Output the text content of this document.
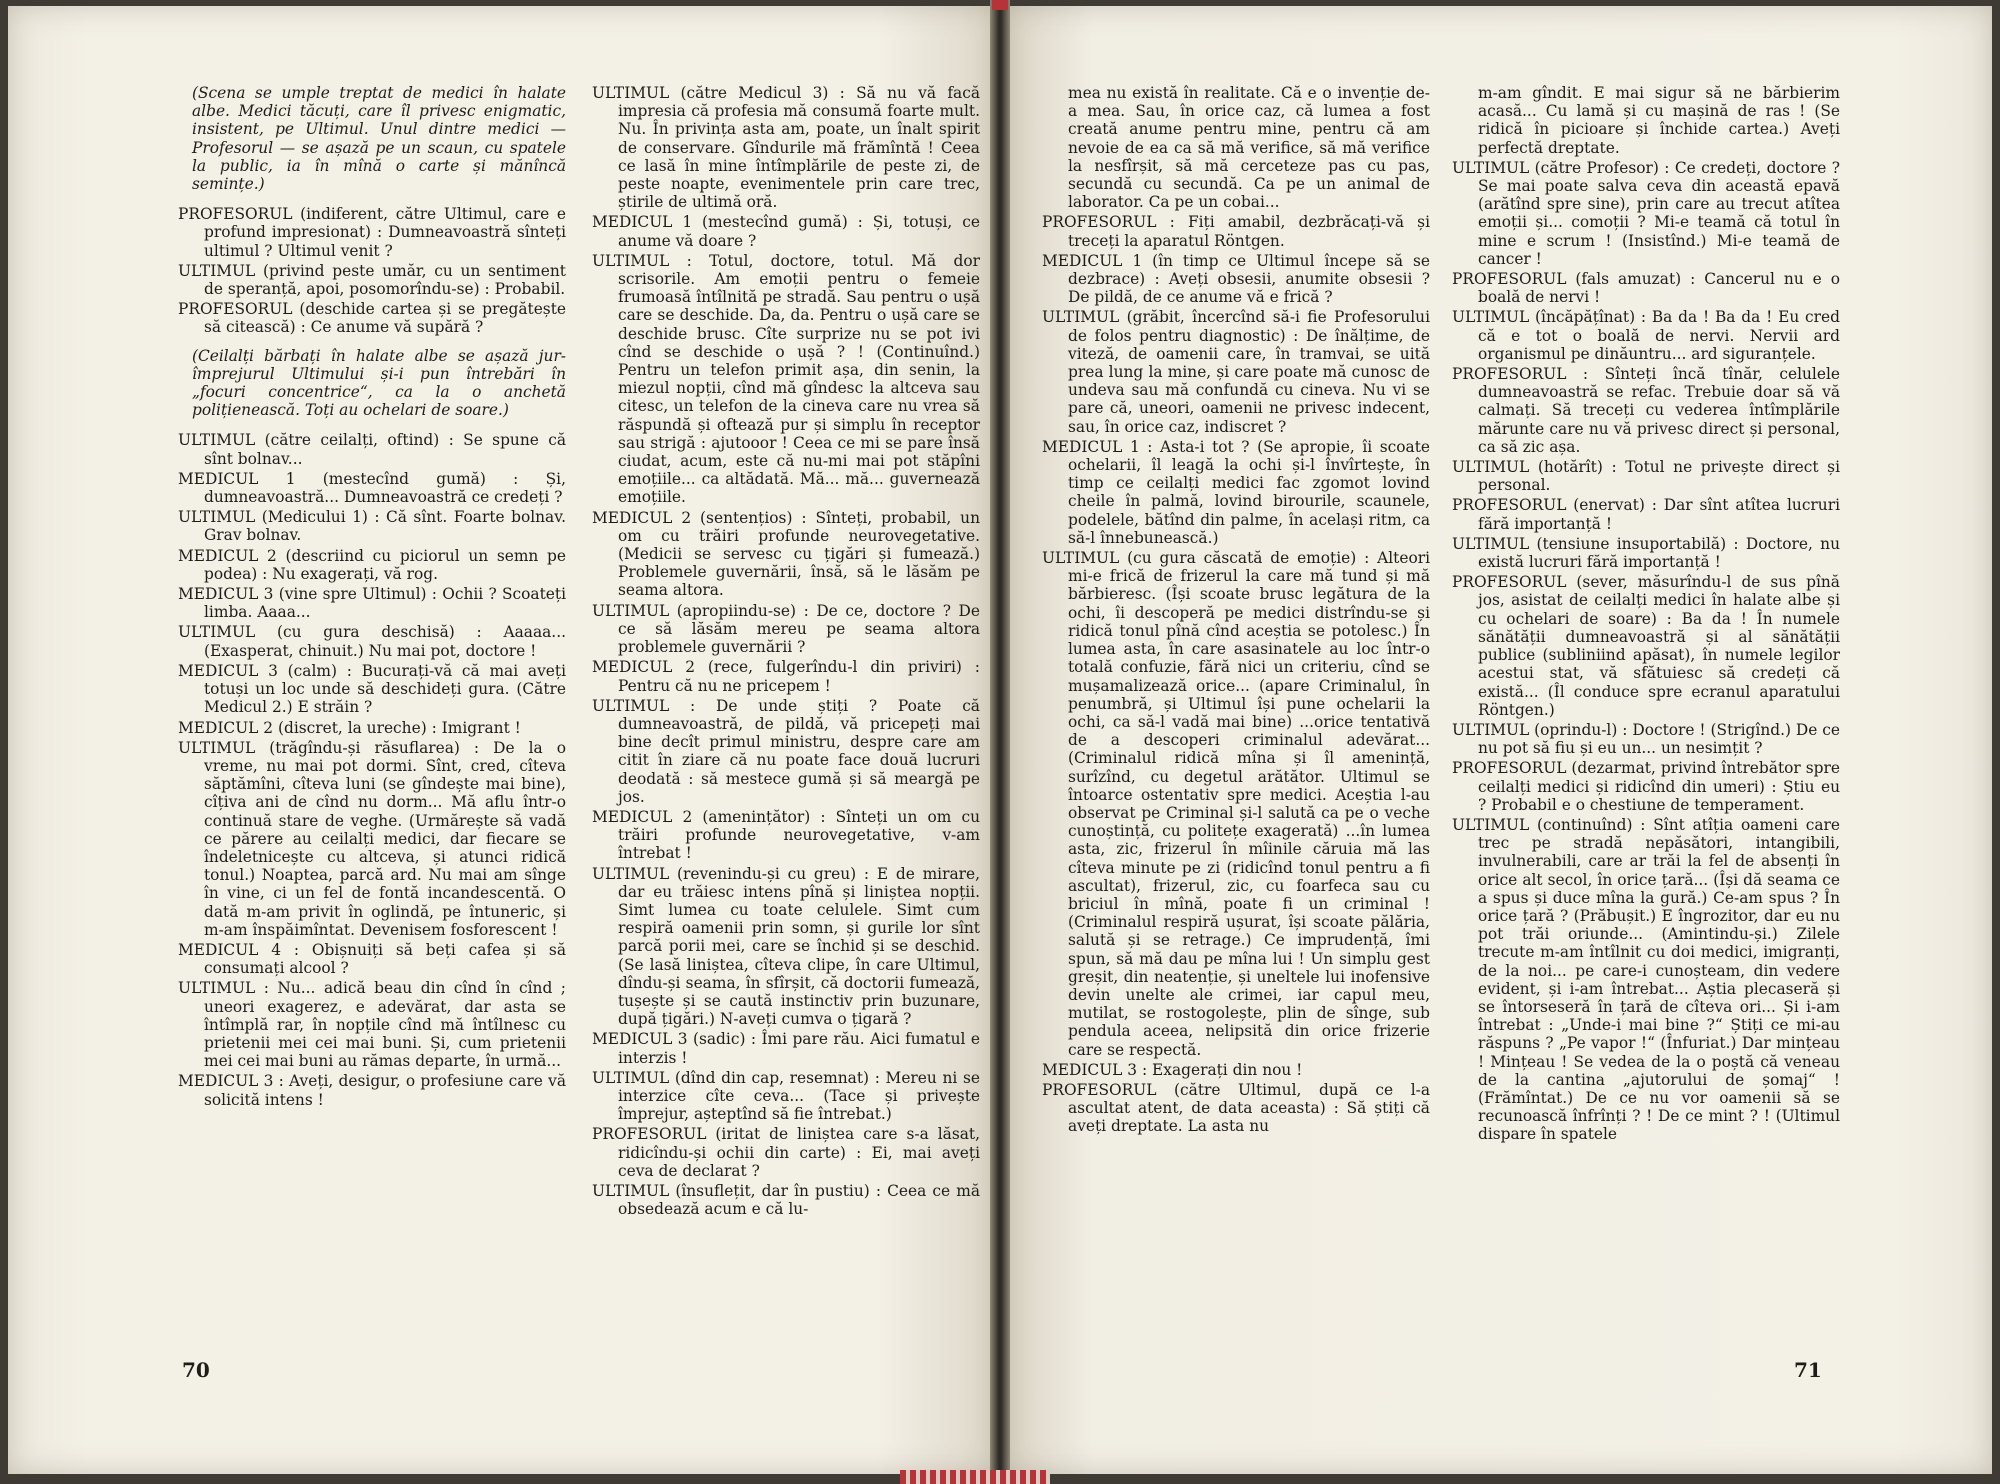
(Scena se umple treptat de medici în halate albe. Medici tăcuți, care îl privesc enigmatic, insistent, pe Ultimul. Unul dintre medici — Profesorul — se așază pe un scaun, cu spatele la public, ia în mînă o carte și mănîncă semințe.)

PROFESORUL (indiferent, către Ultimul, care e profund impresionat) : Dumneavoastră sînteți ultimul ? Ultimul venit ?

ULTIMUL (privind peste umăr, cu un sentiment de speranță, apoi, posomorîndu-se) : Probabil.

PROFESORUL (deschide cartea și se pregătește să citească) : Ce anume vă supără ?

(Ceilalți bărbați în halate albe se așază jur-împrejurul Ultimului și-i pun întrebări în „focuri concentrice“, ca la o anchetă polițienească. Toți au ochelari de soare.)

ULTIMUL (către ceilalți, oftind) : Se spune că sînt bolnav...

MEDICUL 1 (mestecînd gumă) : Și, dumneavoastră... Dumneavoastră ce credeți ?

ULTIMUL (Medicului 1) : Că sînt. Foarte bolnav. Grav bolnav.

MEDICUL 2 (descriind cu piciorul un semn pe podea) : Nu exagerați, vă rog.

MEDICUL 3 (vine spre Ultimul) : Ochii ? Scoateți limba. Aaaa...

ULTIMUL (cu gura deschisă) : Aaaaa... (Exasperat, chinuit.) Nu mai pot, doctore !

MEDICUL 3 (calm) : Bucurați-vă că mai aveți totuși un loc unde să deschideți gura. (Către Medicul 2.) E străin ?

MEDICUL 2 (discret, la ureche) : Imigrant !

ULTIMUL (trăgîndu-și răsuflarea) : De la o vreme, nu mai pot dormi. Sînt, cred, cîteva săptămîni, cîteva luni (se gîndește mai bine), cîțiva ani de cînd nu dorm... Mă aflu într-o continuă stare de veghe. (Urmărește să vadă ce părere au ceilalți medici, dar fiecare se îndeletnicește cu altceva, și atunci ridică tonul.) Noaptea, parcă ard. Nu mai am sînge în vine, ci un fel de fontă incandescentă. O dată m-am privit în oglindă, pe întuneric, și m-am înspăimîntat. Devenisem fosforescent !

MEDICUL 4 : Obișnuiți să beți cafea și să consumați alcool ?

ULTIMUL : Nu... adică beau din cînd în cînd ; uneori exagerez, e adevărat, dar asta se întîmplă rar, în nopțile cînd mă întîlnesc cu prietenii mei cei mai buni. Și, cum prietenii mei cei mai buni au rămas departe, în urmă...

MEDICUL 3 : Aveți, desigur, o profesiune care vă solicită intens !

ULTIMUL (către Medicul 3) : Să nu vă facă impresia că profesia mă consumă foarte mult. Nu. În privința asta am, poate, un înalt spirit de conservare. Gîndurile mă frămîntă ! Ceea ce lasă în mine întîmplările de peste zi, de peste noapte, evenimentele prin care trec, știrile de ultimă oră.

MEDICUL 1 (mestecînd gumă) : Și, totuși, ce anume vă doare ?

ULTIMUL : Totul, doctore, totul. Mă dor scrisorile. Am emoții pentru o femeie frumoasă întîlnită pe stradă. Sau pentru o ușă care se deschide. Da, da. Pentru o ușă care se deschide brusc. Cîte surprize nu se pot ivi cînd se deschide o ușă ? ! (Continuînd.) Pentru un telefon primit așa, din senin, la miezul nopții, cînd mă gîndesc la altceva sau citesc, un telefon de la cineva care nu vrea să răspundă și oftează pur și simplu în receptor sau strigă : ajutooor ! Ceea ce mi se pare însă ciudat, acum, este că nu-mi mai pot stăpîni emoțiile... ca altădată. Mă... mă... guvernează emoțiile.

MEDICUL 2 (sentențios) : Sînteți, probabil, un om cu trăiri profunde neurovegetative. (Medicii se servesc cu țigări și fumează.) Problemele guvernării, însă, să le lăsăm pe seama altora.

ULTIMUL (apropiindu-se) : De ce, doctore ? De ce să lăsăm mereu pe seama altora problemele guvernării ?

MEDICUL 2 (rece, fulgerîndu-l din priviri) : Pentru că nu ne pricepem !

ULTIMUL : De unde știți ? Poate că dumneavoastră, de pildă, vă pricepeți mai bine decît primul ministru, despre care am citit în ziare că nu poate face două lucruri deodată : să mestece gumă și să meargă pe jos.

MEDICUL 2 (amenințător) : Sînteți un om cu trăiri profunde neurovegetative, v-am întrebat !

ULTIMUL (revenindu-și cu greu) : E de mirare, dar eu trăiesc intens pînă și liniștea nopții. Simt lumea cu toate celulele. Simt cum respiră oamenii prin somn, și gurile lor sînt parcă porii mei, care se închid și se deschid. (Se lasă liniștea, cîteva clipe, în care Ultimul, dîndu-și seama, în sfîrșit, că doctorii fumează, tușește și se caută instinctiv prin buzunare, după țigări.) N-aveți cumva o țigară ?

MEDICUL 3 (sadic) : Îmi pare rău. Aici fumatul e interzis !

ULTIMUL (dînd din cap, resemnat) : Mereu ni se interzice cîte ceva... (Tace și privește împrejur, așteptînd să fie întrebat.)

PROFESORUL (iritat de liniștea care s-a lăsat, ridicîndu-și ochii din carte) : Ei, mai aveți ceva de declarat ?

ULTIMUL (însuflețit, dar în pustiu) : Ceea ce mă obsedează acum e că lu-

70

mea nu există în realitate. Că e o invenție de-a mea. Sau, în orice caz, că lumea a fost creată anume pentru mine, pentru că am nevoie de ea ca să mă verifice, să mă verifice la nesfîrșit, să mă cerceteze pas cu pas, secundă cu secundă. Ca pe un animal de laborator. Ca pe un cobai...

PROFESORUL : Fiți amabil, dezbrăcați-vă și treceți la aparatul Röntgen.

MEDICUL 1 (în timp ce Ultimul începe să se dezbrace) : Aveți obsesii, anumite obsesii ? De pildă, de ce anume vă e frică ?

ULTIMUL (grăbit, încercînd să-i fie Profesorului de folos pentru diagnostic) : De înălțime, de viteză, de oamenii care, în tramvai, se uită prea lung la mine, și care poate mă cunosc de undeva sau mă confundă cu cineva. Nu vi se pare că, uneori, oamenii ne privesc indecent, sau, în orice caz, indiscret ?

MEDICUL 1 : Asta-i tot ? (Se apropie, îi scoate ochelarii, îl leagă la ochi și-l învîrtește, în timp ce ceilalți medici fac zgomot lovind cheile în palmă, lovind birourile, scaunele, podelele, bătînd din palme, în același ritm, ca să-l înnebunească.)

ULTIMUL (cu gura căscată de emoție) : Alteori mi-e frică de frizerul la care mă tund și mă bărbieresc. (Își scoate brusc legătura de la ochi, îi descoperă pe medici distrîndu-se și ridică tonul pînă cînd aceștia se potolesc.) În lumea asta, în care asasinatele au loc într-o totală confuzie, fără nici un criteriu, cînd se mușamalizează orice... (apare Criminalul, în penumbră, și Ultimul își pune ochelarii la ochi, ca să-l vadă mai bine) ...orice tentativă de a descoperi criminalul adevărat... (Criminalul ridică mîna și îl amenință, surîzînd, cu degetul arătător. Ultimul se întoarce ostentativ spre medici. Aceștia l-au observat pe Criminal și-l salută ca pe o veche cunoștință, cu politețe exagerată) ...în lumea asta, zic, frizerul în mîinile căruia mă las cîteva minute pe zi (ridicînd tonul pentru a fi ascultat), frizerul, zic, cu foarfeca sau cu briciul în mînă, poate fi un criminal ! (Criminalul respiră ușurat, își scoate pălăria, salută și se retrage.) Ce imprudență, îmi spun, să mă dau pe mîna lui ! Un simplu gest greșit, din neatenție, și uneltele lui inofensive devin unelte ale crimei, iar capul meu, mutilat, se rostogolește, plin de sînge, sub pendula aceea, nelipsită din orice frizerie care se respectă.

MEDICUL 3 : Exagerați din nou !

PROFESORUL (către Ultimul, după ce l-a ascultat atent, de data aceasta) : Să știți că aveți dreptate. La asta nu

m-am gîndit. E mai sigur să ne bărbierim acasă... Cu lamă și cu mașină de ras ! (Se ridică în picioare și închide cartea.) Aveți perfectă dreptate.

ULTIMUL (către Profesor) : Ce credeți, doctore ? Se mai poate salva ceva din această epavă (arătînd spre sine), prin care au trecut atîtea emoții și... comoții ? Mi-e teamă că totul în mine e scrum ! (Insistînd.) Mi-e teamă de cancer !

PROFESORUL (fals amuzat) : Cancerul nu e o boală de nervi !

ULTIMUL (încăpățînat) : Ba da ! Ba da ! Eu cred că e tot o boală de nervi. Nervii ard organismul pe dinăuntru... ard siguranțele.

PROFESORUL : Sînteți încă tînăr, celulele dumneavoastră se refac. Trebuie doar să vă calmați. Să treceți cu vederea întîmplările mărunte care nu vă privesc direct și personal, ca să zic așa.

ULTIMUL (hotărît) : Totul ne privește direct și personal.

PROFESORUL (enervat) : Dar sînt atîtea lucruri fără importanță !

ULTIMUL (tensiune insuportabilă) : Doctore, nu există lucruri fără importanță !

PROFESORUL (sever, măsurîndu-l de sus pînă jos, asistat de ceilalți medici în halate albe și cu ochelari de soare) : Ba da ! În numele sănătății dumneavoastră și al sănătății publice (subliniind apăsat), în numele legilor acestui stat, vă sfătuiesc să credeți că există... (Îl conduce spre ecranul aparatului Röntgen.)

ULTIMUL (oprindu-l) : Doctore ! (Strigînd.) De ce nu pot să fiu și eu un... un nesimțit ?

PROFESORUL (dezarmat, privind întrebător spre ceilalți medici și ridicînd din umeri) : Știu eu ? Probabil e o chestiune de temperament.

ULTIMUL (continuînd) : Sînt atîția oameni care trec pe stradă nepăsători, intangibili, invulnerabili, care ar trăi la fel de absenți în orice alt secol, în orice țară... (Își dă seama ce a spus și duce mîna la gură.) Ce-am spus ? În orice țară ? (Prăbușit.) E îngrozitor, dar eu nu pot trăi oriunde... (Amintindu-și.) Zilele trecute m-am întîlnit cu doi medici, imigranți, de la noi... pe care-i cunoșteam, din vedere evident, și i-am întrebat... Aștia plecaseră și se întorseseră în țară de cîteva ori... Și i-am întrebat : „Unde-i mai bine ?“ Știți ce mi-au răspuns ? „Pe vapor !“ (Înfuriat.) Dar mințeau ! Mințeau ! Se vedea de la o poștă că veneau de la cantina „ajutorului de șomaj“ ! (Frămîntat.) De ce nu vor oamenii să se recunoască înfrînți ? ! De ce mint ? ! (Ultimul dispare în spatele

71
